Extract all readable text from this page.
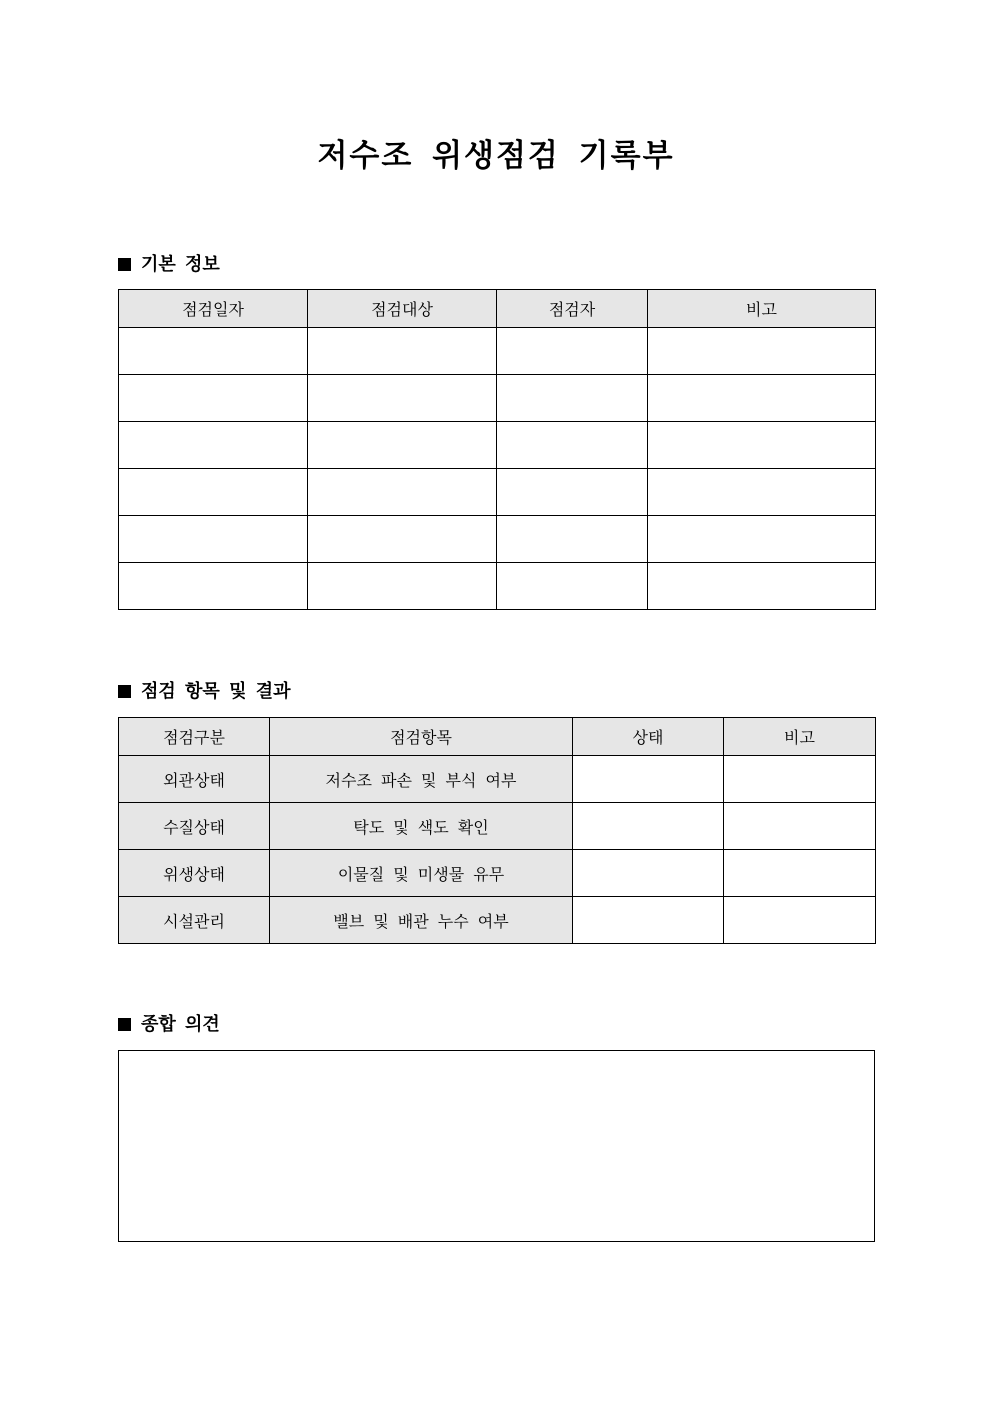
저수조 위생점검 기록부
기본 정보
점검일자	점검대상	점검자	비고

점검 항목 및 결과
점검구분	점검항목	상태	비고
외관상태	저수조 파손 및 부식 여부		
수질상태	탁도 및 색도 확인		
위생상태	이물질 및 미생물 유무		
시설관리	밸브 및 배관 누수 여부		
종합 의견
